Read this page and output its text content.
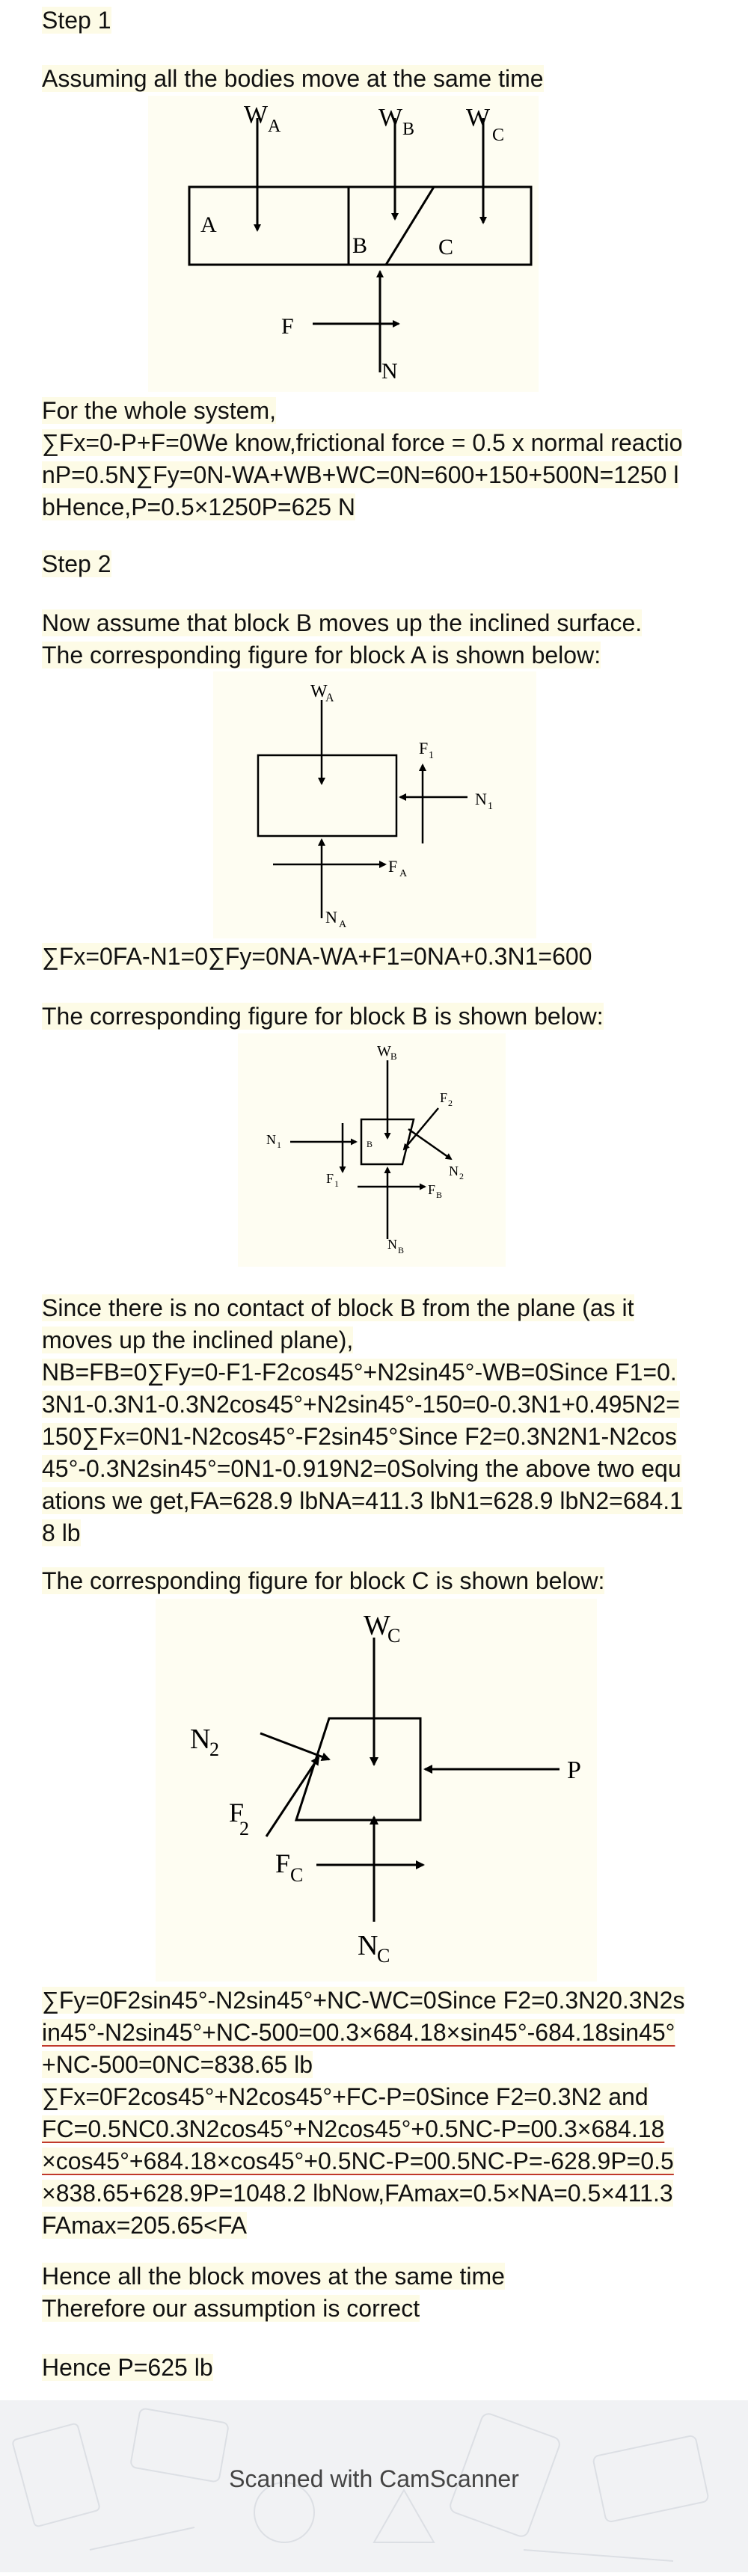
Step 1
Assuming all the bodies move at the same time
W A	W B W
C
A
B	C
F
N
For the whole system,
∑Fx=0-P+F=0We know,frictional force = 0.5 x normal reactio
nP=0.5N∑Fy=0N-WA+WB+WC=0N=600+150+500N=1250 l
bHence,P=0.5×1250P=625 N
Step 2
Now assume that block B moves up the inclined surface.
The corresponding figure for block A is shown below:
W
A
F 1
N 1
F A
N A
∑Fx=0FA-N1=0∑Fy=0NA-WA+F1=0NA+0.3N1=600
The corresponding figure for block B is shown below:
W B
F 2
N 1	B
N 2
F 1	F B
N B
Since there is no contact of block B from the plane (as it
moves up the inclined plane),
NB=FB=0∑Fy=0-F1-F2cos45°+N2sin45°-WB=0Since F1=0.
3N1-0.3N1-0.3N2cos45°+N2sin45°-150=0-0.3N1+0.495N2=
150∑Fx=0N1-N2cos45°-F2sin45°Since F2=0.3N2N1-N2cos
45°-0.3N2sin45°=0N1-0.919N2=0Solving the above two equ
ations we get,FA=628.9 lbNA=411.3 lbN1=628.9 lbN2=684.1
8 lb
The corresponding figure for block C is shown below:
W
C
N
2
F
2
P
F C
N
C
∑Fy=0F2sin45°-N2sin45°+NC-WC=0Since F2=0.3N20.3N2s
in45°-N2sin45°+NC-500=00.3×684.18×sin45°-684.18sin45°
+NC-500=0NC=838.65 lb
∑Fx=0F2cos45°+N2cos45°+FC-P=0Since F2=0.3N2 and
FC=0.5NC0.3N2cos45°+N2cos45°+0.5NC-P=00.3×684.18
×cos45°+684.18×cos45°+0.5NC-P=00.5NC-P=-628.9P=0.5
×838.65+628.9P=1048.2 lbNow,FAmax=0.5×NA=0.5×411.3
FAmax=205.65<FA
Hence all the block moves at the same time
Therefore our assumption is correct
Hence P=625 lb
Scanned with CamScanner
